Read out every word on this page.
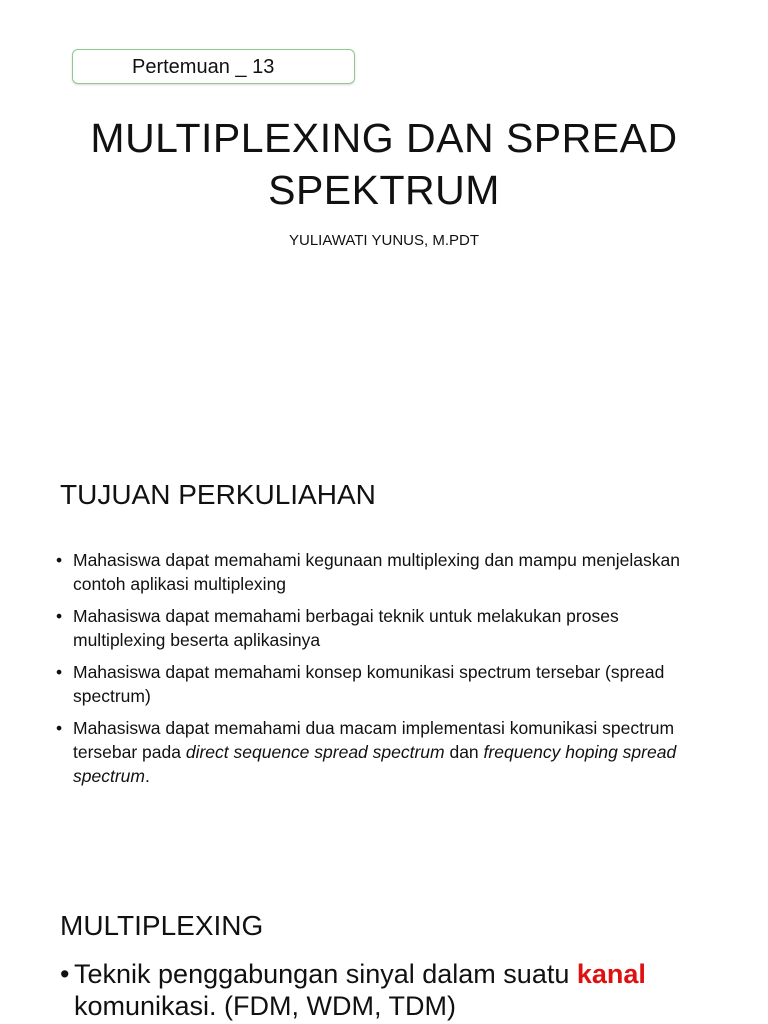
Pertemuan _ 13
MULTIPLEXING DAN SPREAD
SPEKTRUM
YULIAWATI YUNUS, M.PDT
TUJUAN PERKULIAHAN
• Mahasiswa dapat memahami kegunaan multiplexing dan mampu menjelaskan contoh aplikasi multiplexing
• Mahasiswa dapat memahami berbagai teknik untuk melakukan proses multiplexing beserta aplikasinya
• Mahasiswa dapat memahami konsep komunikasi spectrum tersebar (spread spectrum)
• Mahasiswa dapat memahami dua macam implementasi komunikasi spectrum tersebar pada direct sequence spread spectrum dan frequency hoping spread spectrum.
MULTIPLEXING
• Teknik penggabungan sinyal dalam suatu kanal komunikasi. (FDM, WDM, TDM)
